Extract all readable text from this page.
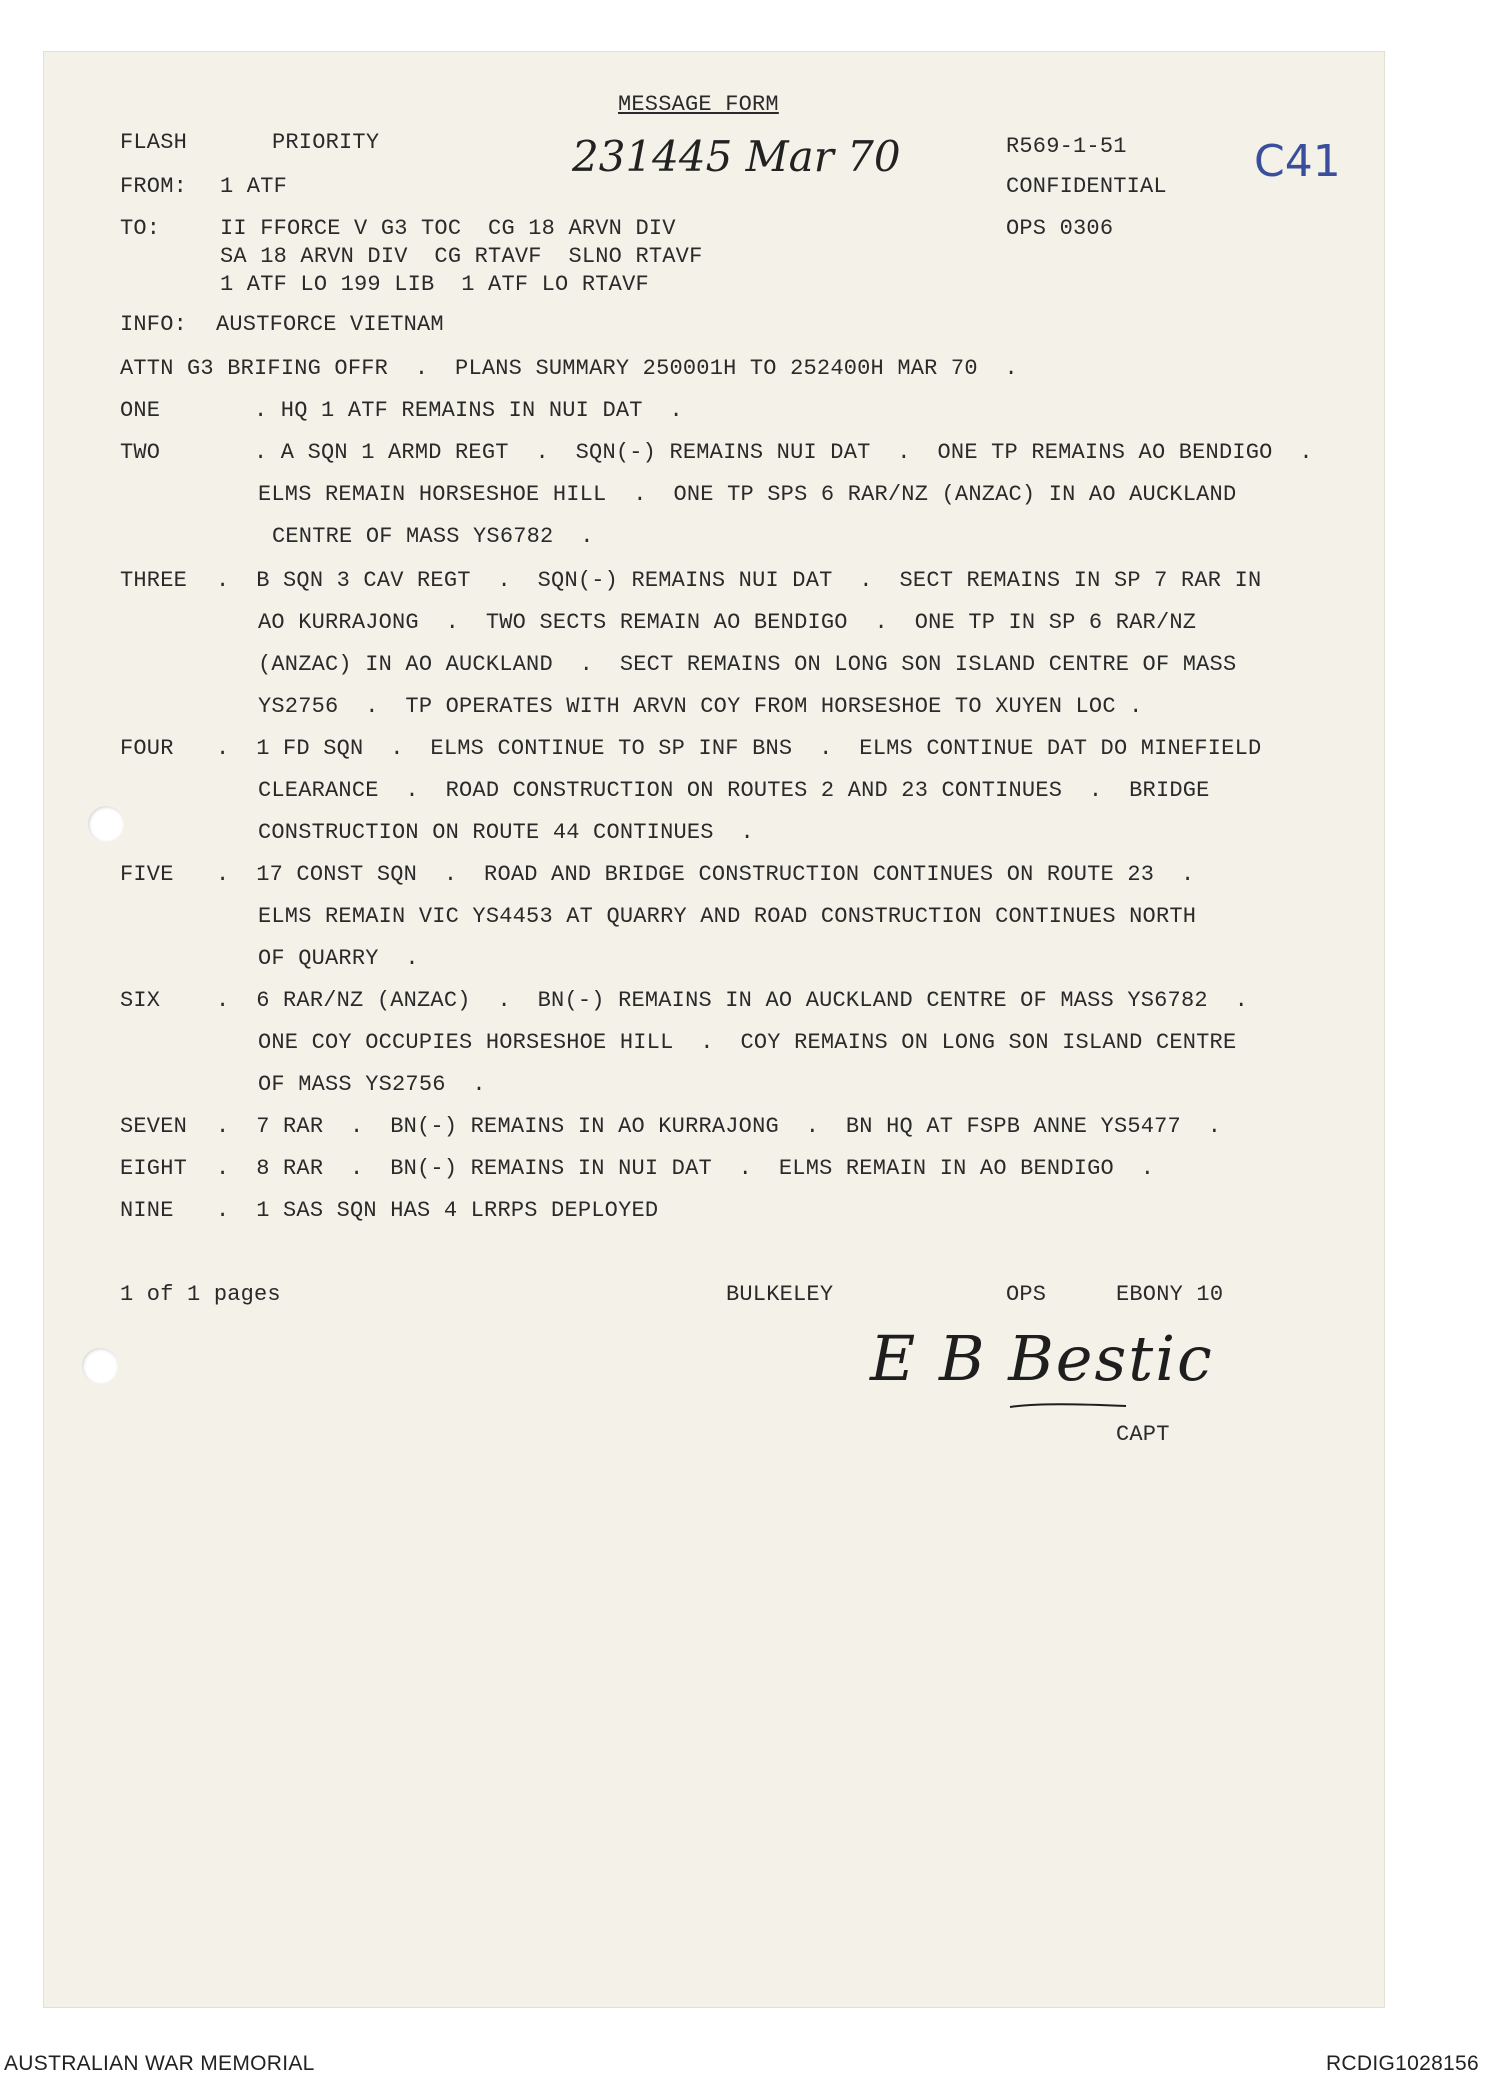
MESSAGE FORM
FLASH	PRIORITY	231445 Mar 70	R569-1-51	C41
CONFIDENTIAL
OPS 0306
FROM: 1 ATF
TO:	II FFORCE V G3 TOC  CG 18 ARVN DIV
SA 18 ARVN DIV  CG RTAVF  SLNO RTAVF
1 ATF LO 199 LIB  1 ATF LO RTAVF
INFO: AUSTFORCE VIETNAM
ATTN G3 BRIFING OFFR  .  PLANS SUMMARY 250001H TO 252400H MAR 70  .
ONE	. HQ 1 ATF REMAINS IN NUI DAT  .
TWO	. A SQN 1 ARMD REGT  .  SQN(-) REMAINS NUI DAT  .  ONE TP REMAINS AO BENDIGO  .
ELMS REMAIN HORSESHOE HILL  .  ONE TP SPS 6 RAR/NZ (ANZAC) IN AO AUCKLAND
CENTRE OF MASS YS6782  .
THREE .  B SQN 3 CAV REGT  .  SQN(-) REMAINS NUI DAT  .  SECT REMAINS IN SP 7 RAR IN
AO KURRAJONG  .  TWO SECTS REMAIN AO BENDIGO  .  ONE TP IN SP 6 RAR/NZ
(ANZAC) IN AO AUCKLAND  .  SECT REMAINS ON LONG SON ISLAND CENTRE OF MASS
YS2756  .  TP OPERATES WITH ARVN COY FROM HORSESHOE TO XUYEN LOC .
FOUR .  1 FD SQN  .  ELMS CONTINUE TO SP INF BNS  .  ELMS CONTINUE DAT DO MINEFIELD
CLEARANCE  .  ROAD CONSTRUCTION ON ROUTES 2 AND 23 CONTINUES  .  BRIDGE
CONSTRUCTION ON ROUTE 44 CONTINUES  .
FIVE .  17 CONST SQN  .  ROAD AND BRIDGE CONSTRUCTION CONTINUES ON ROUTE 23  .
ELMS REMAIN VIC YS4453 AT QUARRY AND ROAD CONSTRUCTION CONTINUES NORTH
OF QUARRY  .
SIX	.  6 RAR/NZ (ANZAC)  .  BN(-) REMAINS IN AO AUCKLAND CENTRE OF MASS YS6782  .
ONE COY OCCUPIES HORSESHOE HILL  .  COY REMAINS ON LONG SON ISLAND CENTRE
OF MASS YS2756  .
SEVEN .  7 RAR  .  BN(-) REMAINS IN AO KURRAJONG  .  BN HQ AT FSPB ANNE YS5477  .
EIGHT .  8 RAR  .  BN(-) REMAINS IN NUI DAT  .  ELMS REMAIN IN AO BENDIGO  .
NINE .  1 SAS SQN HAS 4 LRRPS DEPLOYED
1 of 1 pages	BULKELEY	OPS	EBONY 10
E B Bestic
CAPT
AUSTRALIAN WAR MEMORIAL	RCDIG1028156
